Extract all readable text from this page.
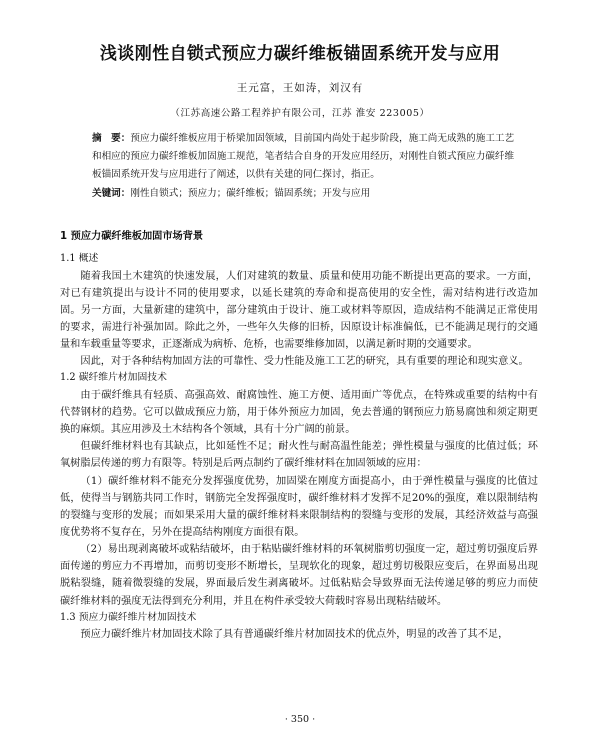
浅谈刚性自锁式预应力碳纤维板锚固系统开发与应用
王元富，王如涛，刘汉有
（江苏高速公路工程养护有限公司，江苏 淮安 223005）
摘　要：预应力碳纤维板应用于桥梁加固领域，目前国内尚处于起步阶段，施工尚无成熟的施工工艺和相应的预应力碳纤维板加固施工规范，笔者结合自身的开发应用经历，对刚性自锁式预应力碳纤维板锚固系统开发与应用进行了阐述，以供有关建的同仁探讨，指正。
关键词：刚性自锁式；预应力；碳纤维板；锚固系统；开发与应用
1 预应力碳纤维板加固市场背景
1.1 概述

随着我国土木建筑的快速发展，人们对建筑的数量、质量和使用功能不断提出更高的要求。一方面，对已有建筑提出与设计不同的使用要求，以延长建筑的寿命和提高使用的安全性，需对结构进行改造加固。另一方面，大量新建的建筑中，部分建筑由于设计、施工或材料等原因，造成结构不能满足正常使用的要求，需进行补强加固。除此之外，一些年久失修的旧桥，因原设计标准偏低，已不能满足现行的交通量和车载重量等要求，正逐渐成为病桥、危桥，也需要维修加固，以满足新时期的交通要求。

因此，对于各种结构加固方法的可靠性、受力性能及施工工艺的研究，具有重要的理论和现实意义。

1.2 碳纤维片材加固技术

由于碳纤维具有轻质、高强高效、耐腐蚀性、施工方便、适用面广等优点，在特殊或重要的结构中有代替钢材的趋势。它可以做成预应力筋，用于体外预应力加固，免去普通的钢预应力筋易腐蚀和须定期更换的麻烦。其应用涉及土木结构各个领域，具有十分广阔的前景。

但碳纤维材料也有其缺点，比如延性不足；耐火性与耐高温性能差；弹性模量与强度的比值过低；环氧树脂层传递的剪力有限等。特别是后两点制约了碳纤维材料在加固领域的应用：

（1）碳纤维材料不能充分发挥强度优势，加固梁在刚度方面提高小，由于弹性模量与强度的比值过低，使得当与钢筋共同工作时，钢筋完全发挥强度时，碳纤维材料才发挥不足20%的强度，难以限制结构的裂缝与变形的发展；而如果采用大量的碳纤维材料来限制结构的裂缝与变形的发展，其经济效益与高强度优势将不复存在，另外在提高结构刚度方面很有限。

（2）易出现剥离破坏或粘结破坏，由于粘贴碳纤维材料的环氧树脂剪切强度一定，超过剪切强度后界面传递的剪应力不再增加，而剪切变形不断增长，呈现软化的现象，超过剪切极限应变后，在界面易出现脱粘裂缝，随着微裂缝的发展，界面最后发生剥离破坏。过低粘贴会导致界面无法传递足够的剪应力而使碳纤维材料的强度无法得到充分利用，并且在构件承受较大荷载时容易出现粘结破坏。

1.3 预应力碳纤维片材加固技术

预应力碳纤维片材加固技术除了具有普通碳纤维片材加固技术的优点外，明显的改善了其不足，

· 350 ·
